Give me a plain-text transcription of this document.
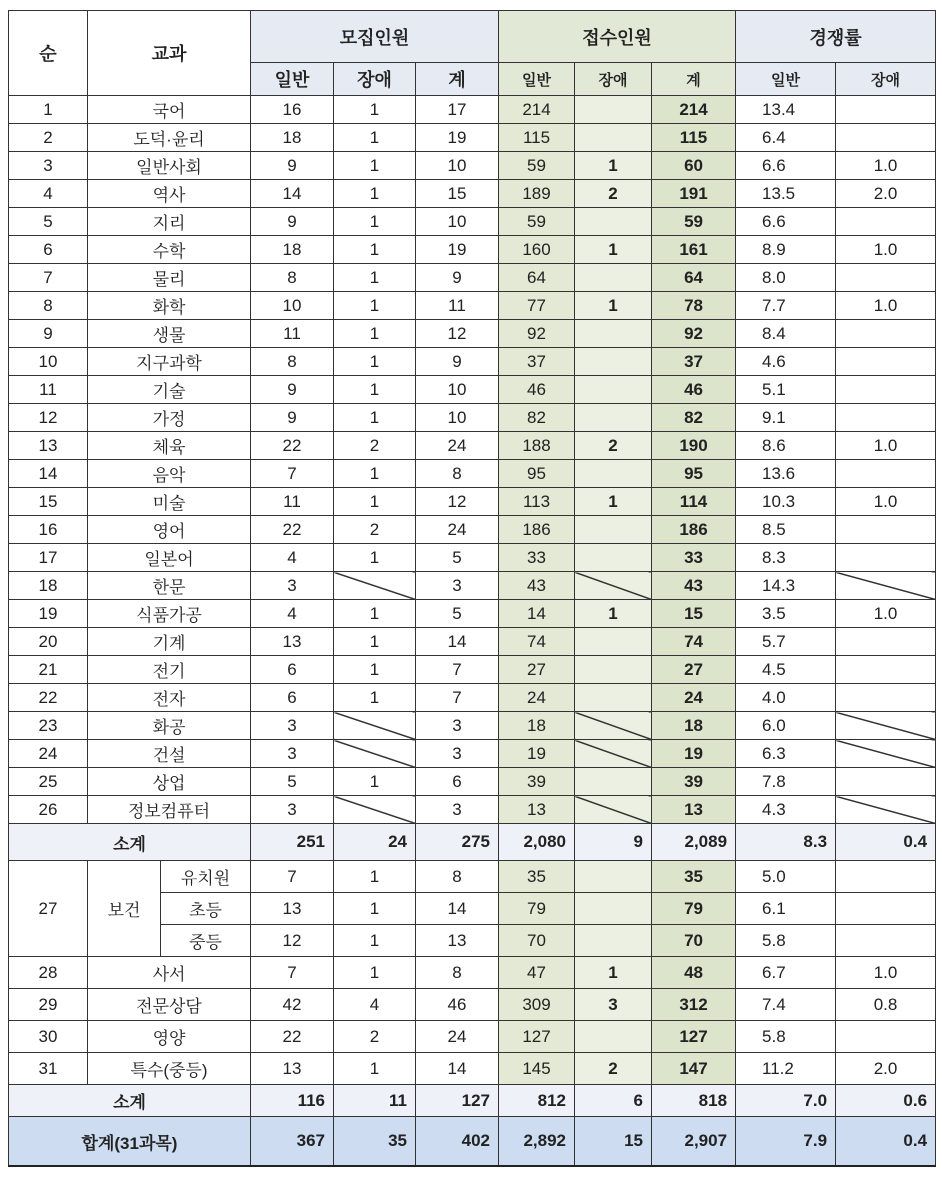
순	교과		모집인원			접수인원			경쟁률	
			일반	장애	계	일반	장애	계	일반	장애
1	국어		16	1	17	214		214	13.4	
2	도덕·윤리		18	1	19	115		115	6.4	
3	일반사회		9	1	10	59	1	60	6.6	1.0
4	역사		14	1	15	189	2	191	13.5	2.0
5	지리		9	1	10	59		59	6.6	
6	수학		18	1	19	160	1	161	8.9	1.0
7	물리		8	1	9	64		64	8.0	
8	화학		10	1	11	77	1	78	7.7	1.0
9	생물		11	1	12	92		92	8.4	
10	지구과학		8	1	9	37		37	4.6	
11	기술		9	1	10	46		46	5.1	
12	가정		9	1	10	82		82	9.1	
13	체육		22	2	24	188	2	190	8.6	1.0
14	음악		7	1	8	95		95	13.6	
15	미술		11	1	12	113	1	114	10.3	1.0
16	영어		22	2	24	186		186	8.5	
17	일본어		4	1	5	33		33	8.3	
18	한문		3		3	43		43	14.3	
19	식품가공		4	1	5	14	1	15	3.5	1.0
20	기계		13	1	14	74		74	5.7	
21	전기		6	1	7	27		27	4.5	
22	전자		6	1	7	24		24	4.0	
23	화공		3		3	18		18	6.0	
24	건설		3		3	19		19	6.3	
25	상업		5	1	6	39		39	7.8	
26	정보컴퓨터		3		3	13		13	4.3	
소계			251	24	275	2,080	9	2,089	8.3	0.4
27	보건	유치원	7	1	8	35		35	5.0	
		초등	13	1	14	79		79	6.1	
		중등	12	1	13	70		70	5.8	
28	사서		7	1	8	47	1	48	6.7	1.0
29	전문상담		42	4	46	309	3	312	7.4	0.8
30	영양		22	2	24	127		127	5.8	
31	특수(중등)		13	1	14	145	2	147	11.2	2.0
소계			116	11	127	812	6	818	7.0	0.6
합계(31과목)			367	35	402	2,892	15	2,907	7.9	0.4
